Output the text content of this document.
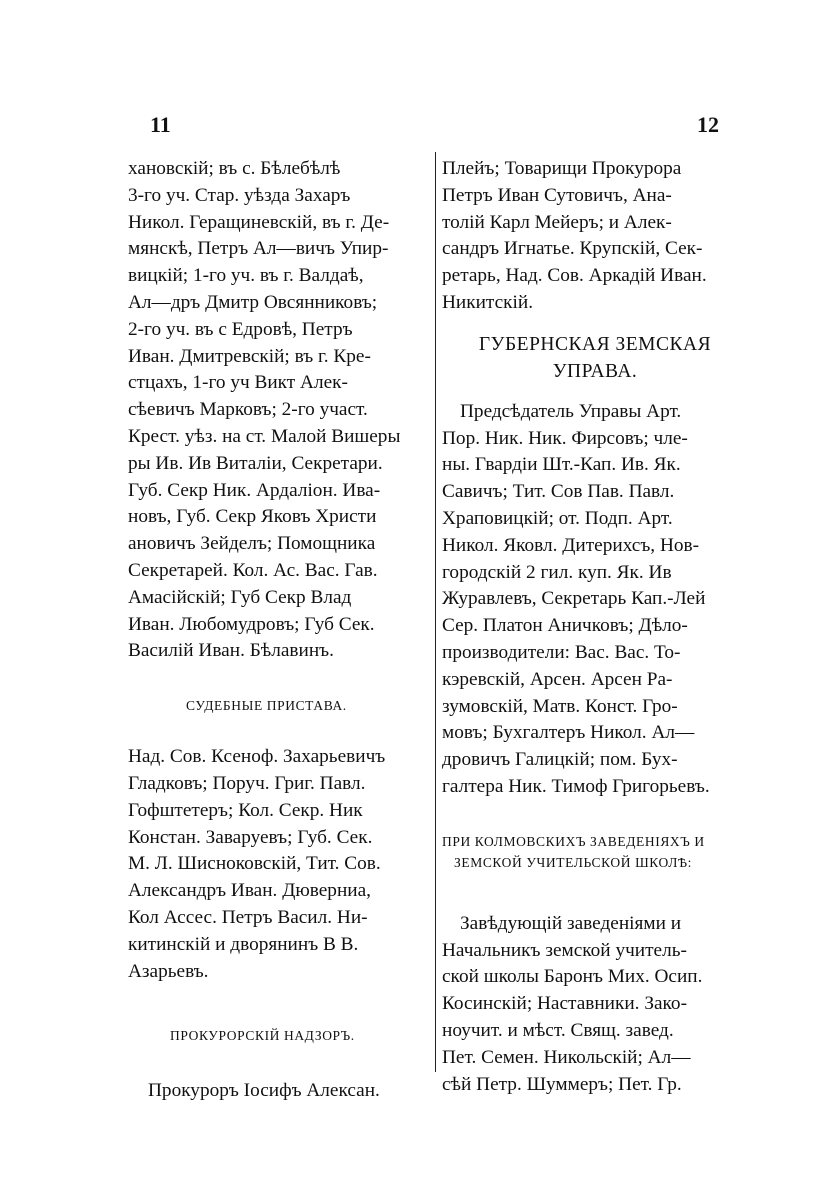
11	12
хановскій; въ с. Бѣлебѣлѣ
3-го уч. Стар. уѣзда Захаръ
Никол. Геращиневскій, въ г. Де-
мянскѣ, Петръ Ал—вичъ Упир-
вицкій; 1-го уч. въ г. Валдаѣ,
Ал—дръ Дмитр Овсянниковъ;
2-го уч. въ с Едровѣ, Петръ
Иван. Дмитревскій; въ г. Кре-
стцахъ, 1-го уч Викт Алек-
сѣевичъ Марковъ; 2-го участ.
Крест. уѣз. на ст. Малой Вишеры
ры Ив. Ив Виталіи, Секретари.
Губ. Секр Ник. Ардаліон. Ива-
новъ, Губ. Секр Яковъ Христи
ановичъ Зейделъ; Помощника
Секретарей. Кол. Ас. Вас. Гав.
Амасійскій; Губ Секр Влад
Иван. Любомудровъ; Губ Сек.
Василій Иван. Бѣлавинъ.
СУДЕБНЫЕ ПРИСТАВА.
Над. Сов. Ксеноф. Захарьевичъ
Гладковъ; Поруч. Григ. Павл.
Гофштетеръ; Кол. Секр. Ник
Констан. Заваруевъ; Губ. Сек.
М. Л. Шисноковскій, Тит. Сов.
Александръ Иван. Дюверниа,
Кол Ассес. Петръ Васил. Ни-
китинскій и дворянинъ В В.
Азарьевъ.
ПРОКУРОРСКІЙ НАДЗОРЪ.
Прокуроръ Іосифъ Алексан.
Плейъ; Товарищи Прокурора
Петръ Иван Сутовичъ, Ана-
толій Карл Мейеръ; и Алек-
сандръ Игнатье. Крупскій, Сек-
ретарь, Над. Сов. Аркадій Иван.
Никитскій.
ГУБЕРНСКАЯ ЗЕМСКАЯ
УПРАВА.
Предсѣдатель Управы Арт.
Пор. Ник. Ник. Фирсовъ; чле-
ны. Гвардіи Шт.-Кап. Ив. Як.
Савичъ; Тит. Сов Пав. Павл.
Храповицкій; от. Подп. Арт.
Никол. Яковл. Дитерихсъ, Нов-
городскій 2 гил. куп. Як. Ив
Журавлевъ, Секретарь Кап.-Лей
Сер. Платон Аничковъ; Дѣло-
производители: Вас. Вас. То-
кэревскій, Арсен. Арсен Ра-
зумовскій, Матв. Конст. Гро-
мовъ; Бухгалтеръ Никол. Ал—
дровичъ Галицкій; пом. Бух-
галтера Ник. Тимоф Григорьевъ.
ПРИ КОЛМОВСКИХЪ ЗАВЕДЕНІЯХЪ И
ЗЕМСКОЙ УЧИТЕЛЬСКОЙ ШКОЛѢ:
Завѣдующій заведеніями и
Начальникъ земской учитель-
ской школы Баронъ Мих. Осип.
Косинскій; Наставники. Зако-
ноучит. и мѣст. Свящ. завед.
Пет. Семен. Никольскій; Ал—
сѣй Петр. Шуммеръ; Пет. Гр.
